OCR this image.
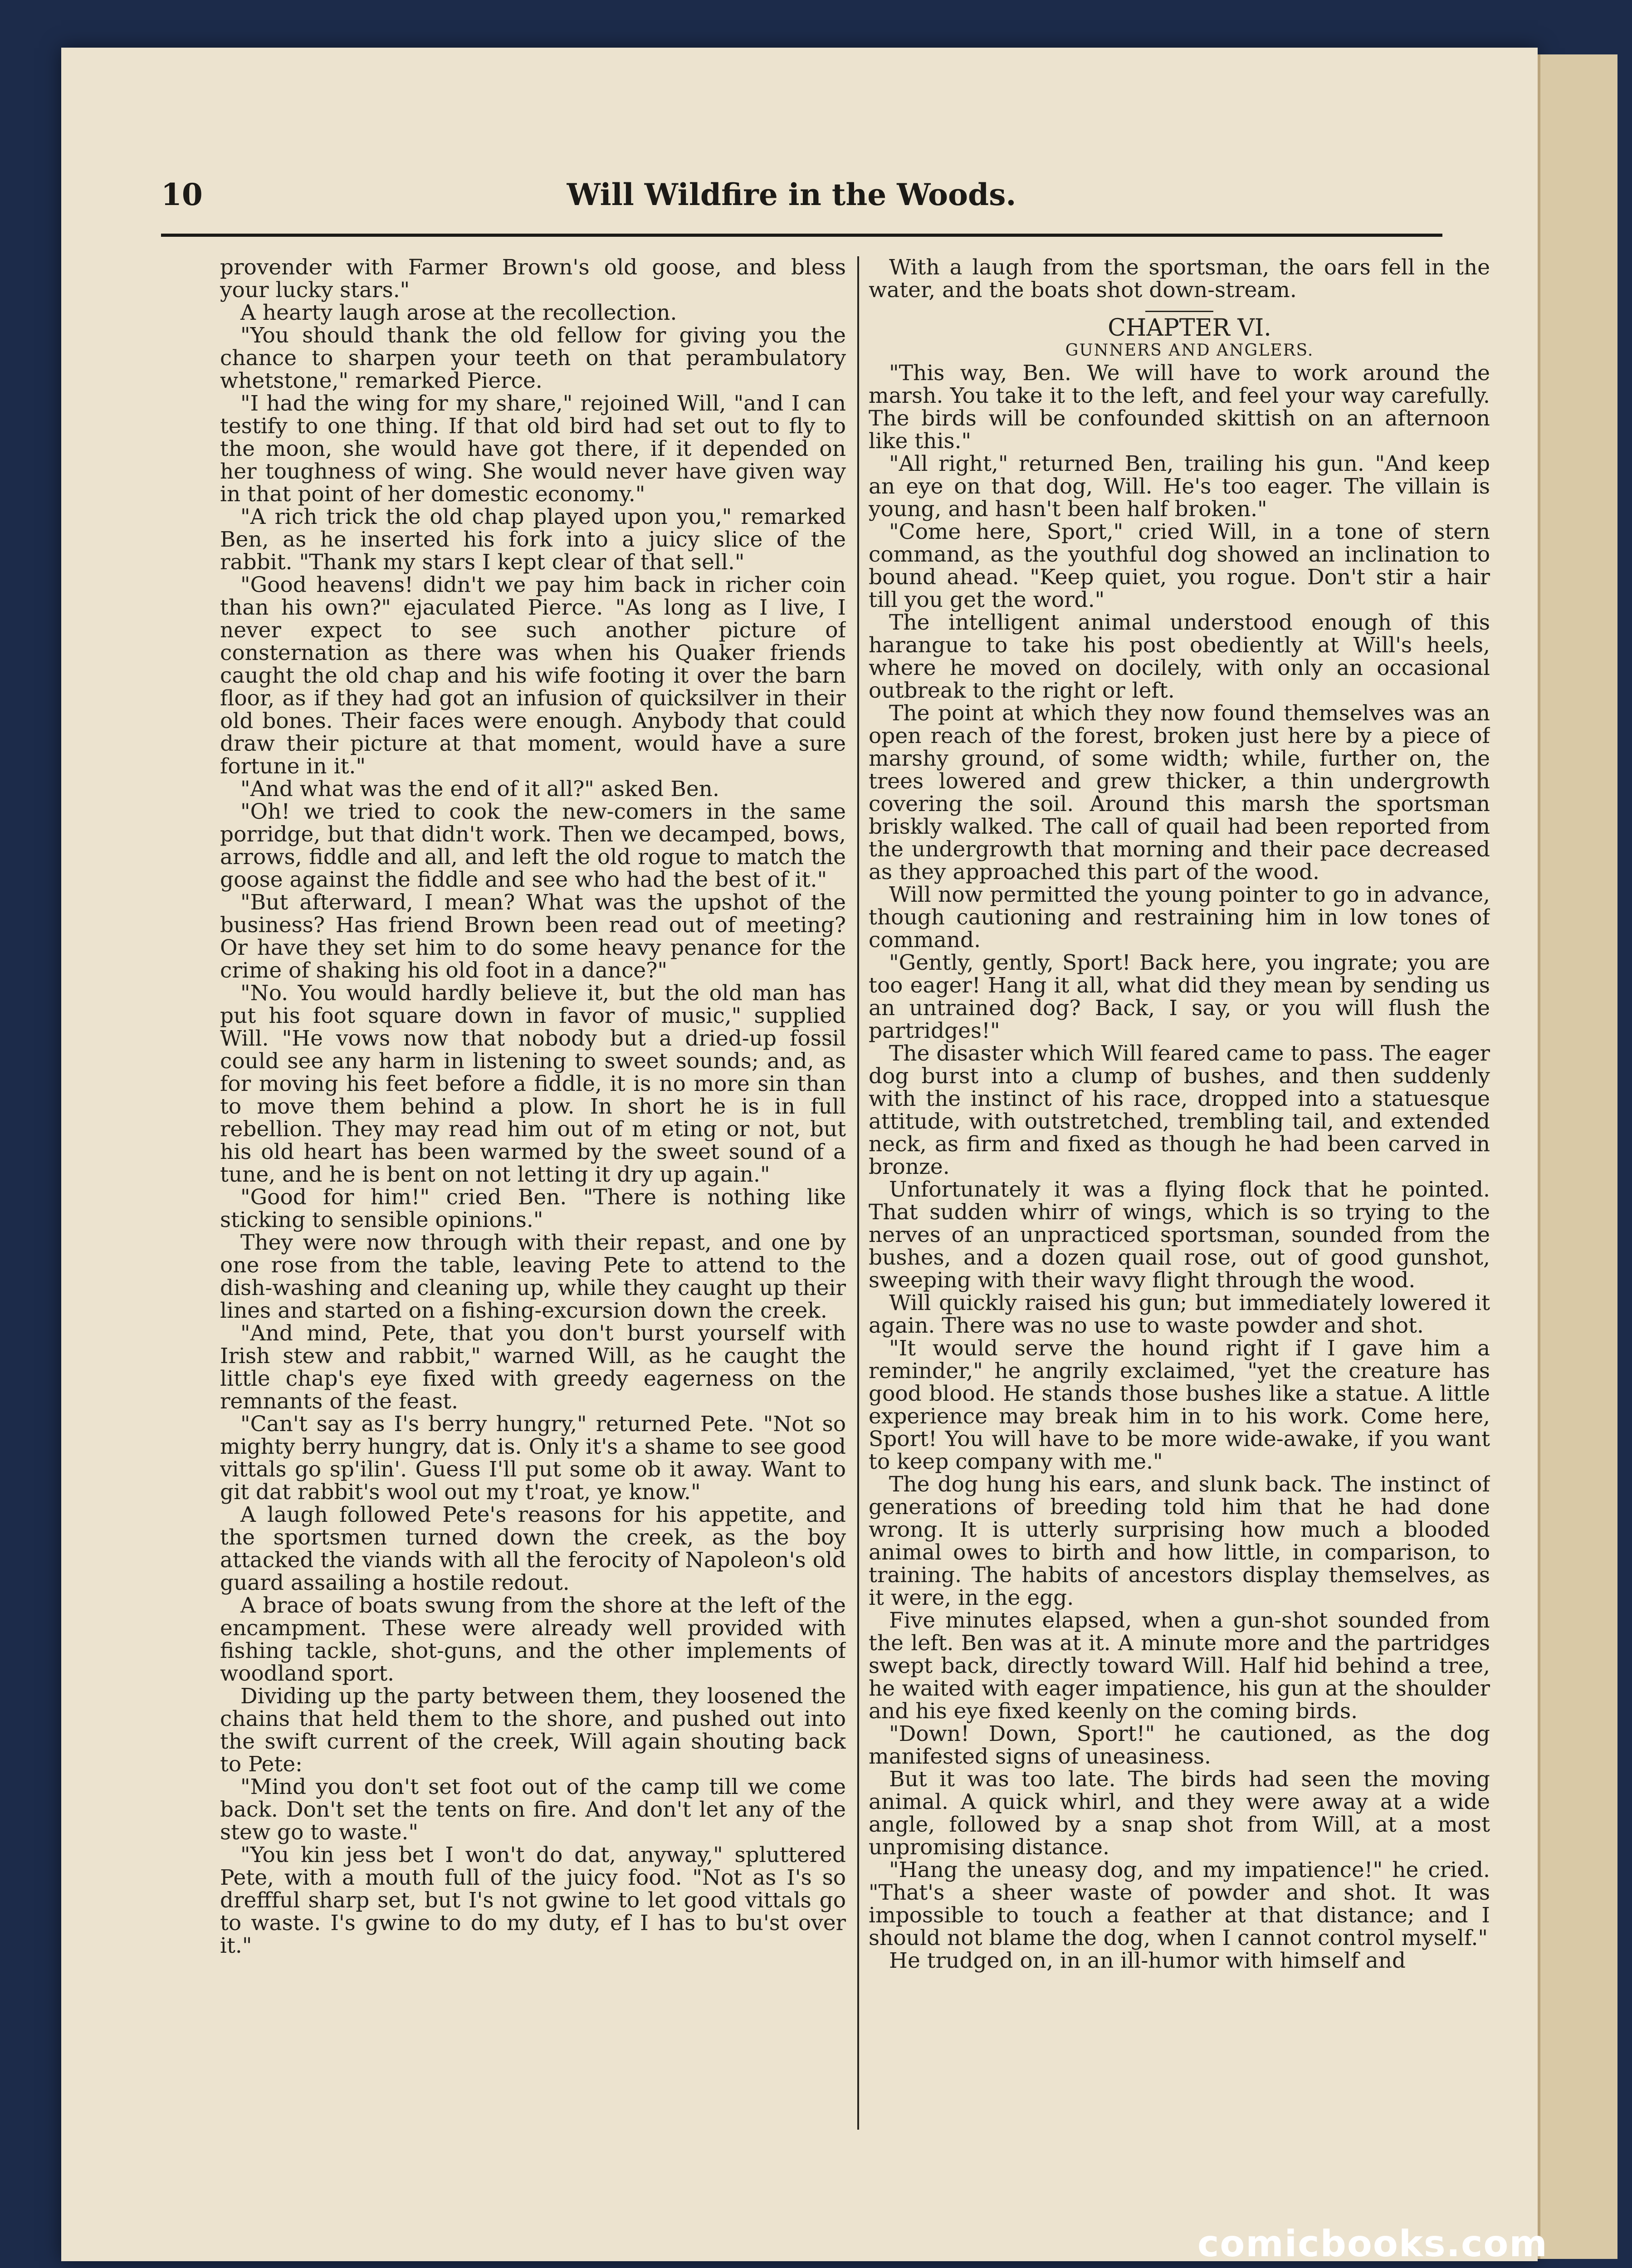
10	Will Wildfire in the Woods.

provender with Farmer Brown's old goose, and bless your lucky stars."

A hearty laugh arose at the recollection.

"You should thank the old fellow for giving you the chance to sharpen your teeth on that perambulatory whetstone," remarked Pierce.

"I had the wing for my share," rejoined Will, "and I can testify to one thing. If that old bird had set out to fly to the moon, she would have got there, if it depended on her toughness of wing. She would never have given way in that point of her domestic economy."

"A rich trick the old chap played upon you," remarked Ben, as he inserted his fork into a juicy slice of the rabbit. "Thank my stars I kept clear of that sell."

"Good heavens! didn't we pay him back in richer coin than his own?" ejaculated Pierce. "As long as I live, I never expect to see such another picture of consternation as there was when his Quaker friends caught the old chap and his wife footing it over the barn floor, as if they had got an infusion of quicksilver in their old bones. Their faces were enough. Anybody that could draw their picture at that moment, would have a sure fortune in it."

"And what was the end of it all?" asked Ben.

"Oh! we tried to cook the new-comers in the same porridge, but that didn't work. Then we decamped, bows, arrows, fiddle and all, and left the old rogue to match the goose against the fiddle and see who had the best of it."

"But afterward, I mean? What was the upshot of the business? Has friend Brown been read out of meeting? Or have they set him to do some heavy penance for the crime of shaking his old foot in a dance?"

"No. You would hardly believe it, but the old man has put his foot square down in favor of music," supplied Will. "He vows now that nobody but a dried-up fossil could see any harm in listening to sweet sounds; and, as for moving his feet before a fiddle, it is no more sin than to move them behind a plow. In short he is in full rebellion. They may read him out of m eting or not, but his old heart has been warmed by the sweet sound of a tune, and he is bent on not letting it dry up again."

"Good for him!" cried Ben. "There is nothing like sticking to sensible opinions."

They were now through with their repast, and one by one rose from the table, leaving Pete to attend to the dish-washing and cleaning up, while they caught up their lines and started on a fishing-excursion down the creek.

"And mind, Pete, that you don't burst yourself with Irish stew and rabbit," warned Will, as he caught the little chap's eye fixed with greedy eagerness on the remnants of the feast.

"Can't say as I's berry hungry," returned Pete. "Not so mighty berry hungry, dat is. Only it's a shame to see good vittals go sp'ilin'. Guess I'll put some ob it away. Want to git dat rabbit's wool out my t'roat, ye know."

A laugh followed Pete's reasons for his appetite, and the sportsmen turned down the creek, as the boy attacked the viands with all the ferocity of Napoleon's old guard assailing a hostile redout.

A brace of boats swung from the shore at the left of the encampment. These were already well provided with fishing tackle, shot-guns, and the other implements of woodland sport.

Dividing up the party between them, they loosened the chains that held them to the shore, and pushed out into the swift current of the creek, Will again shouting back to Pete:

"Mind you don't set foot out of the camp till we come back. Don't set the tents on fire. And don't let any of the stew go to waste."

"You kin jess bet I won't do dat, anyway," spluttered Pete, with a mouth full of the juicy food. "Not as I's so dreffful sharp set, but I's not gwine to let good vittals go to waste. I's gwine to do my duty, ef I has to bu'st over it."

With a laugh from the sportsman, the oars fell in the water, and the boats shot down-stream.

CHAPTER VI.

GUNNERS AND ANGLERS.

"This way, Ben. We will have to work around the marsh. You take it to the left, and feel your way carefully. The birds will be confounded skittish on an afternoon like this."

"All right," returned Ben, trailing his gun. "And keep an eye on that dog, Will. He's too eager. The villain is young, and hasn't been half broken."

"Come here, Sport," cried Will, in a tone of stern command, as the youthful dog showed an inclination to bound ahead. "Keep quiet, you rogue. Don't stir a hair till you get the word."

The intelligent animal understood enough of this harangue to take his post obediently at Will's heels, where he moved on docilely, with only an occasional outbreak to the right or left.

The point at which they now found themselves was an open reach of the forest, broken just here by a piece of marshy ground, of some width; while, further on, the trees lowered and grew thicker, a thin undergrowth covering the soil. Around this marsh the sportsman briskly walked. The call of quail had been reported from the undergrowth that morning and their pace decreased as they approached this part of the wood.

Will now permitted the young pointer to go in advance, though cautioning and restraining him in low tones of command.

"Gently, gently, Sport! Back here, you ingrate; you are too eager! Hang it all, what did they mean by sending us an untrained dog? Back, I say, or you will flush the partridges!"

The disaster which Will feared came to pass. The eager dog burst into a clump of bushes, and then suddenly with the instinct of his race, dropped into a statuesque attitude, with outstretched, trembling tail, and extended neck, as firm and fixed as though he had been carved in bronze.

Unfortunately it was a flying flock that he pointed. That sudden whirr of wings, which is so trying to the nerves of an unpracticed sportsman, sounded from the bushes, and a dozen quail rose, out of good gunshot, sweeping with their wavy flight through the wood.

Will quickly raised his gun; but immediately lowered it again. There was no use to waste powder and shot.

"It would serve the hound right if I gave him a reminder," he angrily exclaimed, "yet the creature has good blood. He stands those bushes like a statue. A little experience may break him in to his work. Come here, Sport! You will have to be more wide-awake, if you want to keep company with me."

The dog hung his ears, and slunk back. The instinct of generations of breeding told him that he had done wrong. It is utterly surprising how much a blooded animal owes to birth and how little, in comparison, to training. The habits of ancestors display themselves, as it were, in the egg.

Five minutes elapsed, when a gun-shot sounded from the left. Ben was at it. A minute more and the partridges swept back, directly toward Will. Half hid behind a tree, he waited with eager impatience, his gun at the shoulder and his eye fixed keenly on the coming birds.

"Down! Down, Sport!" he cautioned, as the dog manifested signs of uneasiness.

But it was too late. The birds had seen the moving animal. A quick whirl, and they were away at a wide angle, followed by a snap shot from Will, at a most unpromising distance.

"Hang the uneasy dog, and my impatience!" he cried. "That's a sheer waste of powder and shot. It was impossible to touch a feather at that distance; and I should not blame the dog, when I cannot control myself."

He trudged on, in an ill-humor with himself and

comicbooks.com
